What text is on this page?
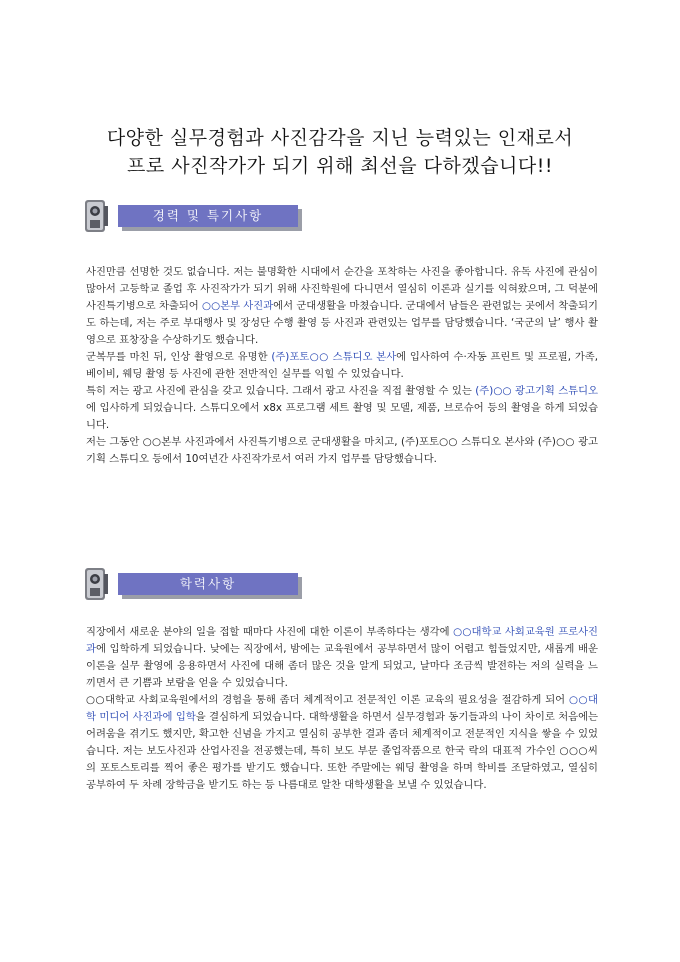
다양한 실무경험과 사진감각을 지닌 능력있는 인재로서
프로 사진작가가 되기 위해 최선을 다하겠습니다!!
경력 및 특기사항

사진만큼 선명한 것도 없습니다. 저는 불명확한 시대에서 순간을 포착하는 사진을 좋아합니다. 유독 사진에 관심이 많아서 고등학교 졸업 후 사진작가가 되기 위해 사진학원에 다니면서 열심히 이론과 실기를 익혀왔으며, 그 덕분에 사진특기병으로 차출되어 ○○본부 사진과에서 군대생활을 마쳤습니다. 군대에서 남들은 관련없는 곳에서 착출되기도 하는데, 저는 주로 부대행사 및 장성단 수행 촬영 등 사진과 관련있는 업무를 담당했습니다. ‘국군의 날’ 행사 촬영으로 표창장을 수상하기도 했습니다.

군복무를 마친 뒤, 인상 촬영으로 유명한 (주)포토○○ 스튜디오 본사에 입사하여 수·자동 프린트 및 프로필, 가족, 베이비, 웨딩 촬영 등 사진에 관한 전반적인 실무를 익힐 수 있었습니다.

특히 저는 광고 사진에 관심을 갖고 있습니다. 그래서 광고 사진을 직접 촬영할 수 있는 (주)○○ 광고기획 스튜디오에 입사하게 되었습니다. 스튜디오에서 x8x 프로그램 세트 촬영 및 모델, 제품, 브로슈어 등의 촬영을 하게 되었습니다.

저는 그동안 ○○본부 사진과에서 사진특기병으로 군대생활을 마치고, (주)포토○○ 스튜디오 본사와 (주)○○ 광고기획 스튜디오 등에서 10여년간 사진작가로서 여러 가지 업무를 담당했습니다.

학력사항

직장에서 새로운 분야의 일을 접할 때마다 사진에 대한 이론이 부족하다는 생각에 ○○대학교 사회교육원 프로사진과에 입학하게 되었습니다. 낮에는 직장에서, 밤에는 교육원에서 공부하면서 많이 어렵고 힘들었지만, 새롭게 배운 이론을 실무 촬영에 응용하면서 사진에 대해 좀더 많은 것을 알게 되었고, 날마다 조금씩 발전하는 저의 실력을 느끼면서 큰 기쁨과 보람을 얻을 수 있었습니다.

○○대학교 사회교육원에서의 경험을 통해 좀더 체계적이고 전문적인 이론 교육의 필요성을 절감하게 되어 ○○대학 미디어 사진과에 입학을 결심하게 되었습니다. 대학생활을 하면서 실무경험과 동기들과의 나이 차이로 처음에는 어려움을 겪기도 했지만, 확고한 신념을 가지고 열심히 공부한 결과 좀더 체계적이고 전문적인 지식을 쌓을 수 있었습니다. 저는 보도사진과 산업사진을 전공했는데, 특히 보도 부문 졸업작품으로 한국 락의 대표적 가수인 ○○○씨의 포토스토리를 찍어 좋은 평가를 받기도 했습니다. 또한 주말에는 웨딩 촬영을 하며 학비를 조달하였고, 열심히 공부하여 두 차례 장학금을 받기도 하는 등 나름대로 알찬 대학생활을 보낼 수 있었습니다.
